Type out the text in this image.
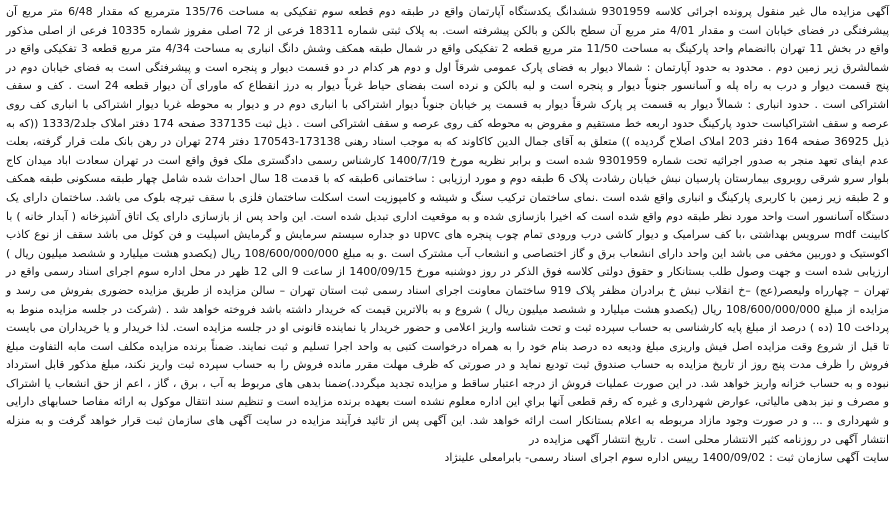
آگهی مزایده مال غیر منقول پرونده اجرائی کلاسه 9301959 ششدانگ یکدستگاه آپارتمان واقع در طبقه دوم قطعه سوم تفکیکی به مساحت 135/76 مترمربع که مقدار 6/48 متر مربع آن پیشرفتگی در فضای خیابان است و مقدار 4/01 متر مربع آن سطح بالکن و بالکن پیشرفته است. به پلاک ثبتی شماره 18311 فرعی از 72 اصلی مفروز شماره 10335 فرعی از اصلی مذکور واقع در بخش 11 تهران باانضمام واحد پارکینگ به مساحت 11/50 متر مربع قطعه 2 تفکیکی واقع در شمال طبقه همکف وشش دانگ انباری به مساحت 4/34 متر مربع قطعه 3 تفکیکی واقع در شمالشرق زیر زمین دوم . محدود به حدود آپارتمان : شمالا دیوار به فضای پارک عمومی شرقاً اول و دوم هر کدام در دو قسمت دیوار و پنجره است و پیشرفتگی است به فضای خیابان دوم در پنج قسمت دیوار و درب به راه پله و آسانسور جنوباً دیوار و پنجره است و لبه بالکن و نرده است بفضای حیاط غرباً دیوار به درز انقطاع که ماورای آن دیوار قطعه 24 است . کف و سقف اشتراکی است . حدود انباری : شمالاً دیوار به قسمت پر پارک شرقاً دیوار به قسمت پر خیابان جنوباً دیوار اشتراکی با انباری دوم در و دیوار به محوطه غربا دیوار اشتراکی با انباری کف روی عرصه و سقف اشتراکیاست حدود پارکینگ حدود اربعه خط مستقیم و مفروض به محوطه کف روی عرصه و سقف اشتراکی است . ذیل ثبت 337135 صفحه 174 دفتر املاک جلد1333/2 ((که به ذیل 36925 صفحه 164 دفتر 203 املاک اصلاح گردیده )) متعلق به آقای جمال الدین کاکاوند که به موجب اسناد رهنی 173138-170543 دفتر 274 تهران در رهن بانک ملت قرار گرفته، بعلت عدم ایفای تعهد منجر به صدور اجرائیه تحت شماره 9301959 شده است و برابر نظریه مورخ 1400/7/19 کارشناس رسمی دادگستری ملک فوق واقع است در تهران سعادت اباد میدان کاج بلوار سرو شرقی روبروی بیمارستان پارسیان نبش خیابان رشادت پلاک 6 طبقه دوم و مورد ارزیابی : ساختمانی 6طبقه که با قدمت 18 سال احداث شده شامل چهار طبقه مسکونی طبقه همکف و 2 طبقه زیر زمین با کاربری پارکینگ و انباری واقع شده است .نمای ساختمان ترکیب سنگ و شیشه و کامپوزیت است اسکلت ساختمان فلزی با سقف تیرچه بلوک می باشد. ساختمان دارای یک دستگاه آسانسور است واحد مورد نظر طبقه دوم واقع شده است که اخیرا بازسازی شده و به موقعیت اداری تبدیل شده است. این واحد پس از بازسازی دارای یک اتاق آشپزخانه ( آبدار خانه ) با کابینت mdf سرویس بهداشتی ،با کف سرامیک و دیوار کاشی درب ورودی تمام چوب پنجره های upvc دو جداره سیستم سرمایش و گرمایش اسپلیت و فن کوئل می باشد سقف از نوع کاذب اکوستیک و دوربین مخفی می باشد این واحد دارای انشعاب برق و گاز اختصاصی و انشعاب آب مشترک است .و به مبلغ 108/600/000/000 ریال (یکصدو هشت میلیارد و ششصد میلیون ریال ) ارزیابی شده است و جهت وصول طلب بستانکار و حقوق دولتی کلاسه فوق الذکر در روز دوشنبه مورخ 1400/09/15 از ساعت 9 الی 12 ظهر در محل اداره سوم اجرای اسناد رسمی واقع در تهران – چهارراه ولیعصر(عج) –خ انقلاب نبش خ برادران مظفر پلاک 919 ساختمان معاونت اجرای اسناد رسمی ثبت استان تهران – سالن مزایده از طریق مزایده حضوری بفروش می رسد و مزایده از مبلغ 108/600/000/000 ریال (یکصدو هشت میلیارد و ششصد میلیون ریال ) شروع و به بالاترین قیمت که خریدار داشته باشد فروخته خواهد شد . (شرکت در جلسه مزایده منوط به پرداخت 10 (ده ) درصد از مبلغ پایه کارشناسی به حساب سپرده ثبت و تحت شناسه واریز اعلامی و حضور خریدار یا نماینده قانونی او در جلسه مزایده است. لذا خریدار و یا خریداران می بایست تا قبل از شروع وقت مزایده اصل فیش واریزی مبلغ ودیعه ده درصد بنام خود را به همراه درخواست کتبی به واحد اجرا تسلیم و ثبت نمایند. ضمناً برنده مزایده مکلف است مابه التفاوت مبلغ فروش را ظرف مدت پنج روز از تاریخ مزایده به حساب صندوق ثبت تودیع نماید و در صورتی که ظرف مهلت مقرر مانده فروش را به حساب سپرده ثبت واریز نکند، مبلغ مذکور قابل استرداد نبوده و به حساب خزانه واریز خواهد شد. در این صورت عملیات فروش از درجه اعتبار ساقط و مزایده تجدید میگردد.)ضمنا بدهی های مربوط به آب ، برق ، گاز ، اعم از حق انشعاب یا اشتراک و مصرف و نیز بدهی مالیاتی، عوارض شهرداری و غیره که رقم قطعی آنها براي اين اداره معلوم نشده است بعهده برنده مزایده است و تنظیم سند انتقال موکول به ارائه مفاصا حسابهای دارایی و شهرداری و ... و در صورت وجود مازاد مربوطه به اعلام بستانکار است ارائه خواهد شد. این آگهی پس از تائید فرآیند مزایده در سایت آگهی های سازمان ثبت قرار خواهد گرفت و به منزله انتشار آگهی در روزنامه کثیر الانتشار محلی است . تاریخ انتشار آگهی مزایده در

سایت آگهی سازمان ثبت : 1400/09/02 رییس اداره سوم اجرای اسناد رسمی- بابرامعلی علینژاد
